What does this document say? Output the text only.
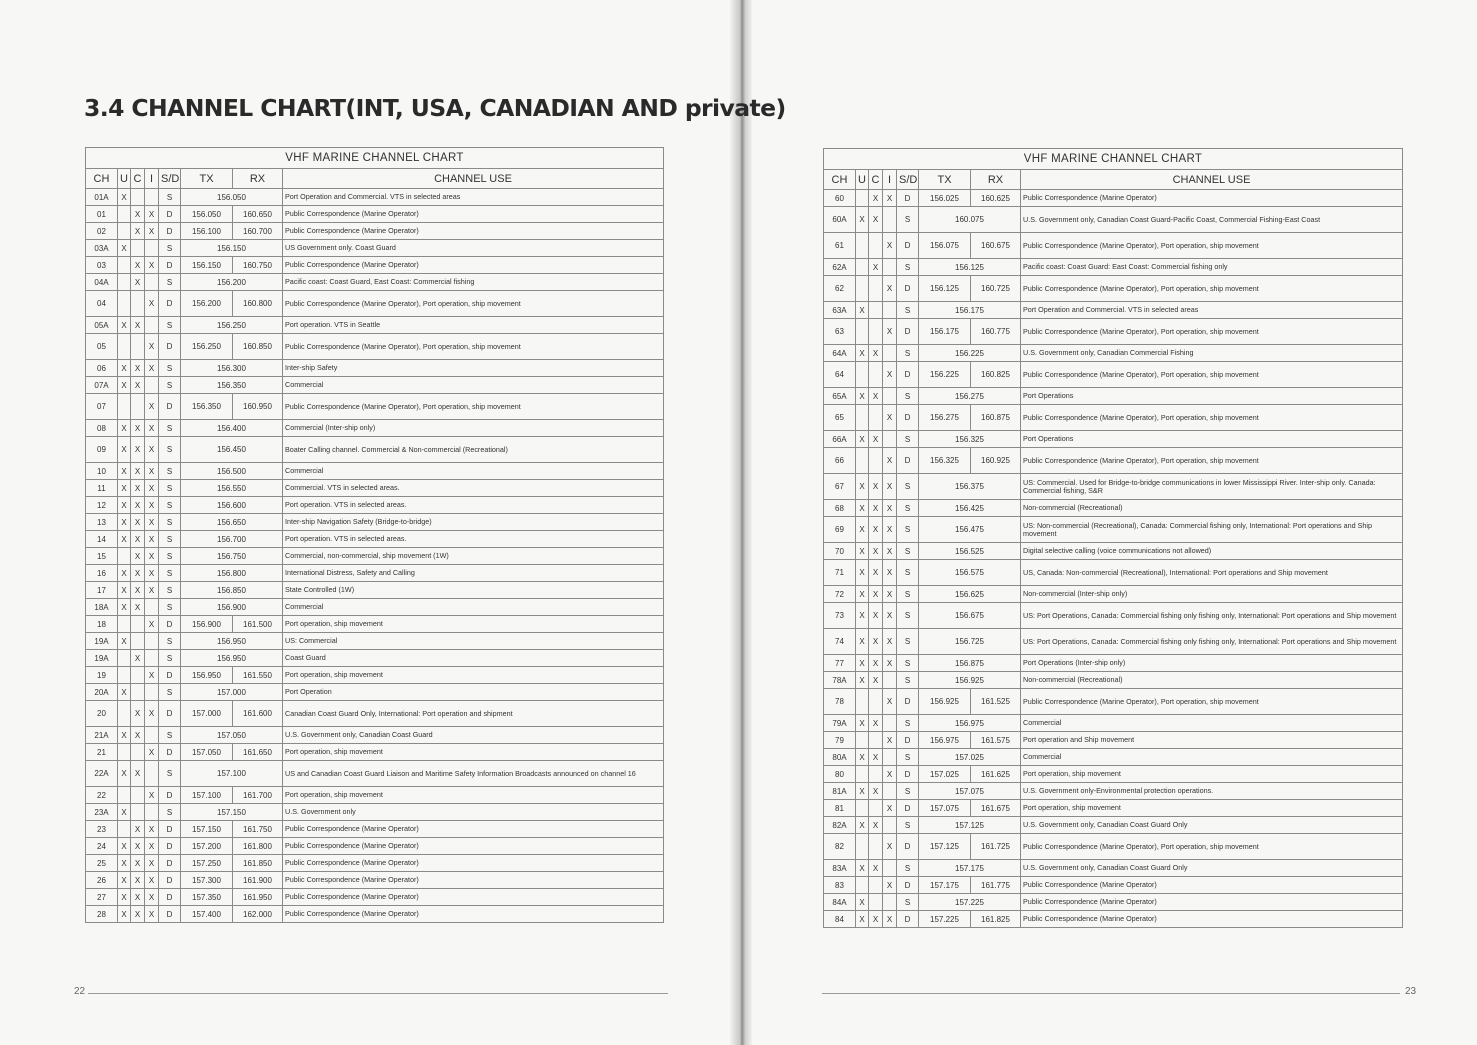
3.4 CHANNEL CHART(INT, USA, CANADIAN AND private)
VHF MARINE CHANNEL CHART							
CH	U	C	I	S/D	TX	RX	CHANNEL USE
01A	X			S	156.050		Port Operation and Commercial. VTS in selected areas
01		X	X	D	156.050	160.650	Public Correspondence (Marine Operator)
02		X	X	D	156.100	160.700	Public Correspondence (Marine Operator)
03A	X			S	156.150		US Government only. Coast Guard
03		X	X	D	156.150	160.750	Public Correspondence (Marine Operator)
04A		X		S	156.200		Pacific coast: Coast Guard, East Coast: Commercial fishing
04			X	D	156.200	160.800	Public Correspondence (Marine Operator), Port operation, ship movement
05A	X	X		S	156.250		Port operation. VTS in Seattle
05			X	D	156.250	160.850	Public Correspondence (Marine Operator), Port operation, ship movement
06	X	X	X	S	156.300		Inter-ship Safety
07A	X	X		S	156.350		Commercial
07			X	D	156.350	160.950	Public Correspondence (Marine Operator), Port operation, ship movement
08	X	X	X	S	156.400		Commercial (Inter-ship only)
09	X	X	X	S	156.450		Boater Calling channel. Commercial & Non-commercial (Recreational)
10	X	X	X	S	156.500		Commercial
11	X	X	X	S	156.550		Commercial. VTS in selected areas.
12	X	X	X	S	156.600		Port operation. VTS in selected areas.
13	X	X	X	S	156.650		Inter-ship Navigation Safety (Bridge-to-bridge)
14	X	X	X	S	156.700		Port operation. VTS in selected areas.
15		X	X	S	156.750		Commercial, non-commercial, ship movement (1W)
16	X	X	X	S	156.800		International Distress, Safety and Calling
17	X	X	X	S	156.850		State Controlled (1W)
18A	X	X		S	156.900		Commercial
18			X	D	156.900	161.500	Port operation, ship movement
19A	X			S	156.950		US: Commercial
19A		X		S	156.950		Coast Guard
19			X	D	156.950	161.550	Port operation, ship movement
20A	X			S	157.000		Port Operation
20		X	X	D	157.000	161.600	Canadian Coast Guard Only, International: Port operation and shipment
21A	X	X		S	157.050		U.S. Government only, Canadian Coast Guard
21			X	D	157.050	161.650	Port operation, ship movement
22A	X	X		S	157.100		US and Canadian Coast Guard Liaison and Maritime Safety Information Broadcasts announced on channel 16
22			X	D	157.100	161.700	Port operation, ship movement
23A	X			S	157.150		U.S. Government only
23		X	X	D	157.150	161.750	Public Correspondence (Marine Operator)
24	X	X	X	D	157.200	161.800	Public Correspondence (Marine Operator)
25	X	X	X	D	157.250	161.850	Public Correspondence (Marine Operator)
26	X	X	X	D	157.300	161.900	Public Correspondence (Marine Operator)
27	X	X	X	D	157.350	161.950	Public Correspondence (Marine Operator)
28	X	X	X	D	157.400	162.000	Public Correspondence (Marine Operator)
VHF MARINE CHANNEL CHART							
CH	U	C	I	S/D	TX	RX	CHANNEL USE
60		X	X	D	156.025	160.625	Public Correspondence (Marine Operator)
60A	X	X		S	160.075		U.S. Government only, Canadian Coast Guard-Pacific Coast, Commercial Fishing-East Coast
61			X	D	156.075	160.675	Public Correspondence (Marine Operator), Port operation, ship movement
62A		X		S	156.125		Pacific coast: Coast Guard: East Coast: Commercial fishing only
62			X	D	156.125	160.725	Public Correspondence (Marine Operator), Port operation, ship movement
63A	X			S	156.175		Port Operation and Commercial. VTS in selected areas
63			X	D	156.175	160.775	Public Correspondence (Marine Operator), Port operation, ship movement
64A	X	X		S	156.225		U.S. Government only, Canadian Commercial Fishing
64			X	D	156.225	160.825	Public Correspondence (Marine Operator), Port operation, ship movement
65A	X	X		S	156.275		Port Operations
65			X	D	156.275	160.875	Public Correspondence (Marine Operator), Port operation, ship movement
66A	X	X		S	156.325		Port Operations
66			X	D	156.325	160.925	Public Correspondence (Marine Operator), Port operation, ship movement
67	X	X	X	S	156.375		US: Commercial. Used for Bridge-to-bridge communications in lower Mississippi River. Inter-ship only. Canada: Commercial fishing, S&R
68	X	X	X	S	156.425		Non-commercial (Recreational)
69	X	X	X	S	156.475		US: Non-commercial (Recreational), Canada: Commercial fishing only, International: Port operations and Ship movement
70	X	X	X	S	156.525		Digital selective calling (voice communications not allowed)
71	X	X	X	S	156.575		US, Canada: Non-commercial (Recreational), International: Port operations and Ship movement
72	X	X	X	S	156.625		Non-commercial (Inter-ship only)
73	X	X	X	S	156.675		US: Port Operations, Canada: Commercial fishing only fishing only, International: Port operations and Ship movement
74	X	X	X	S	156.725		US: Port Operations, Canada: Commercial fishing only fishing only, International: Port operations and Ship movement
77	X	X	X	S	156.875		Port Operations (Inter-ship only)
78A	X	X		S	156.925		Non-commercial (Recreational)
78			X	D	156.925	161.525	Public Correspondence (Marine Operator), Port operation, ship movement
79A	X	X		S	156.975		Commercial
79			X	D	156.975	161.575	Port operation and Ship movement
80A	X	X		S	157.025		Commercial
80			X	D	157.025	161.625	Port operation, ship movement
81A	X	X		S	157.075		U.S. Government only-Environmental protection operations.
81			X	D	157.075	161.675	Port operation, ship movement
82A	X	X		S	157.125		U.S. Government only, Canadian Coast Guard Only
82			X	D	157.125	161.725	Public Correspondence (Marine Operator), Port operation, ship movement
83A	X	X		S	157.175		U.S. Government only, Canadian Coast Guard Only
83			X	D	157.175	161.775	Public Correspondence (Marine Operator)
84A	X			S	157.225		Public Correspondence (Marine Operator)
84	X	X	X	D	157.225	161.825	Public Correspondence (Marine Operator)
22	23
